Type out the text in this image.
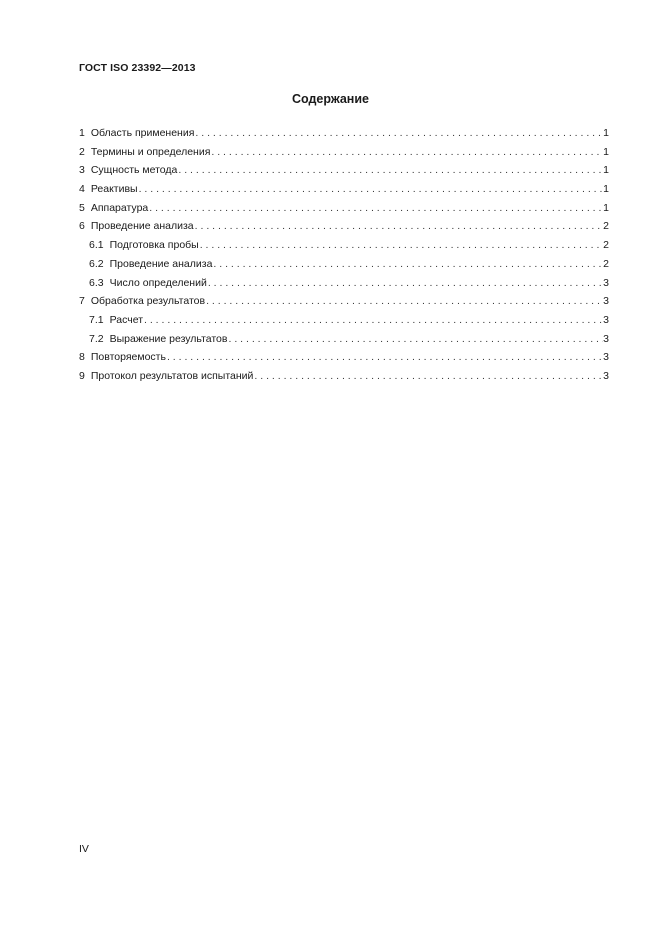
ГОСТ ISO 23392—2013
Содержание
1 Область применения . . .	1
2 Термины и определения . . .	1
3 Сущность метода . . .	1
4 Реактивы . . .	1
5 Аппаратура . . .	1
6 Проведение анализа . . .	2
6.1 Подготовка пробы . . .	2
6.2 Проведение анализа . . .	2
6.3 Число определений . . .	3
7 Обработка результатов . . .	3
7.1 Расчет . . .	3
7.2 Выражение результатов . . .	3
8 Повторяемость . . .	3
9 Протокол результатов испытаний . . .	3
IV
